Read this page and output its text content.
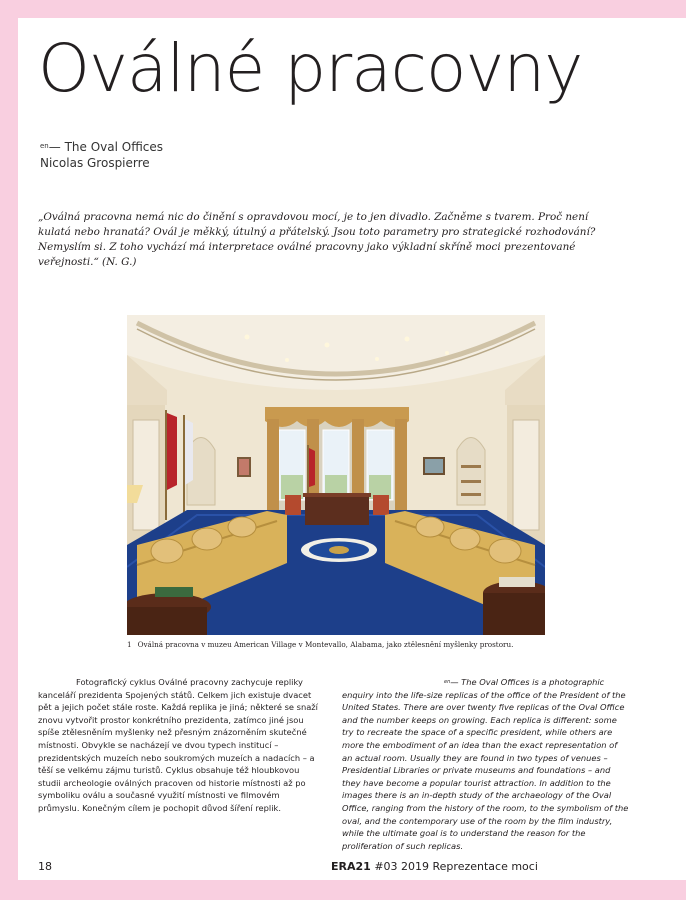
Oválné pracovny
$^{en}$— The Oval Offices
Nicolas Grospierre

„Oválná pracovna nemá nic do činění s opravdovou mocí, je to jen divadlo. Začněme s tvarem. Proč není kulatá nebo hranatá? Ovál je měkký, útulný a přátelský. Jsou toto parametry pro strategické rozhodování? Nemyslím si. Z toho vychází má interpretace oválné pracovny jako výkladní skříně moci prezentované veřejnosti.“ (N. G.)

1 Oválná pracovna v muzeu American Village v Montevallo, Alabama, jako ztělesnění myšlenky prostoru.

Fotografický cyklus Oválné pracovny zachycuje repliky kanceláří prezidenta Spojených států. Celkem jich existuje dvacet pět a jejich počet stále roste. Každá replika je jiná; některé se snaží znovu vytvořit prostor konkrétního prezidenta, zatímco jiné jsou spíše ztělesněním myšlenky než přesným znázorněním skutečné místnosti. Obvykle se nacházejí ve dvou typech institucí – prezidentských muzeích nebo soukromých muzeích a nadacích – a těší se velkému zájmu turistů. Cyklus obsahuje též hloubkovou studii archeologie oválných pracoven od historie místnosti až po symboliku oválu a současné využití místnosti ve filmovém průmyslu. Konečným cílem je pochopit důvod šíření replik.

$^{en}$— The Oval Offices is a photographic enquiry into the life-size replicas of the office of the President of the United States. There are over twenty five replicas of the Oval Office and the number keeps on growing. Each replica is different: some try to recreate the space of a specific president, while others are more the embodiment of an idea than the exact representation of an actual room. Usually they are found in two types of venues – Presidential Libraries or private museums and foundations – and they have become a popular tourist attraction. In addition to the images there is an in-depth study of the archaeology of the Oval Office, ranging from the history of the room, to the symbolism of the oval, and the contemporary use of the room by the film industry, while the ultimate goal is to understand the reason for the proliferation of such replicas.

18	ERA21 #03 2019 Reprezentace moci
